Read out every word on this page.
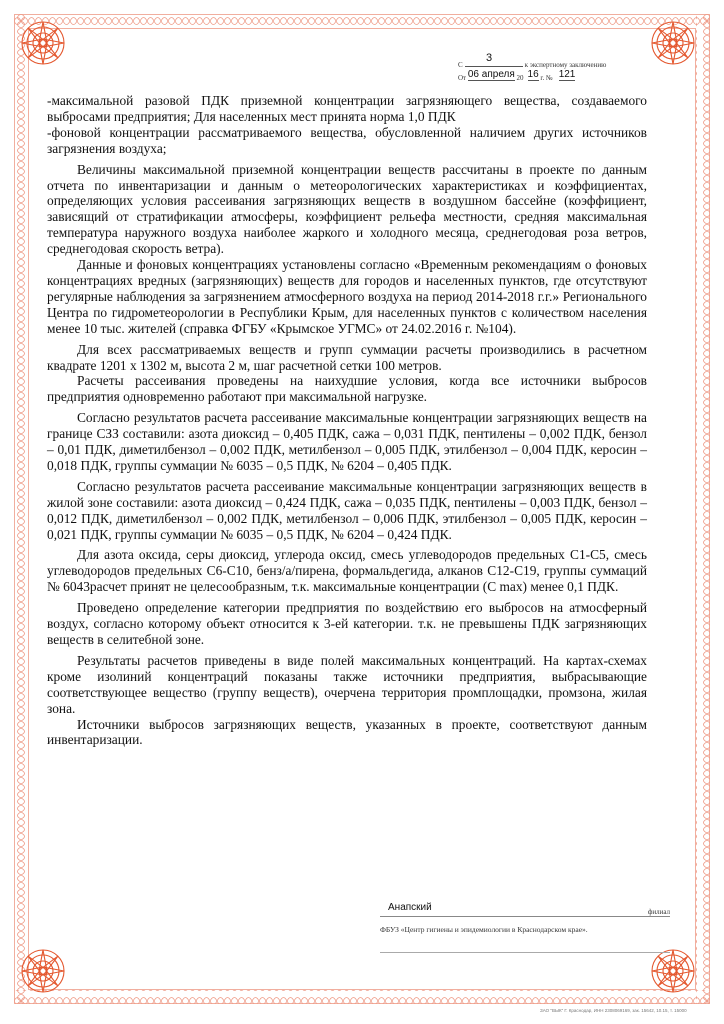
3
С	к экспертному заключению
От 06 апреля 20 16 г. № 121

-максимальной разовой ПДК приземной концентрации загрязняющего вещества, создаваемого выбросами предприятия; Для населенных мест принята норма 1,0 ПДК

-фоновой концентрации рассматриваемого вещества, обусловленной наличием других источников загрязнения воздуха;

Величины максимальной приземной концентрации веществ рассчитаны в проекте по данным отчета по инвентаризации и данным о метеорологических характеристиках и коэффициентах, определяющих условия рассеивания загрязняющих веществ в воздушном бассейне (коэффициент, зависящий от стратификации атмосферы, коэффициент рельефа местности, средняя максимальная температура наружного воздуха наиболее жаркого и холодного месяца, среднегодовая роза ветров, среднегодовая скорость ветра).

Данные и фоновых концентрациях установлены согласно «Временным рекомендациям о фоновых концентрациях вредных (загрязняющих) веществ для городов и населенных пунктов, где отсутствуют регулярные наблюдения за загрязнением атмосферного воздуха на период 2014-2018 г.г.» Регионального Центра по гидрометеорологии в Республики Крым, для населенных пунктов с количеством населения менее 10 тыс. жителей (справка ФГБУ «Крымское УГМС» от 24.02.2016 г. №104).

Для всех рассматриваемых веществ и групп суммации расчеты производились в расчетном квадрате 1201 х 1302 м, высота 2 м, шаг расчетной сетки 100 метров.

Расчеты рассеивания проведены на наихудшие условия, когда все источники выбросов предприятия одновременно работают при максимальной нагрузке.

Согласно результатов расчета рассеивание максимальные концентрации загрязняющих веществ на границе СЗЗ составили: азота диоксид – 0,405 ПДК, сажа – 0,031 ПДК, пентилены – 0,002 ПДК, бензол – 0,01 ПДК, диметилбензол – 0,002 ПДК, метилбензол – 0,005 ПДК, этилбензол – 0,004 ПДК, керосин – 0,018 ПДК, группы суммации № 6035 – 0,5 ПДК, № 6204 – 0,405 ПДК.

Согласно результатов расчета рассеивание максимальные концентрации загрязняющих веществ в жилой зоне составили: азота диоксид – 0,424 ПДК, сажа – 0,035 ПДК, пентилены – 0,003 ПДК, бензол – 0,012 ПДК, диметилбензол – 0,002 ПДК, метилбензол – 0,006 ПДК, этилбензол – 0,005 ПДК, керосин – 0,021 ПДК, группы суммации № 6035 – 0,5 ПДК, № 6204 – 0,424 ПДК.

Для азота оксида, серы диоксид, углерода оксид, смесь углеводородов предельных С1-С5, смесь углеводородов предельных С6-С10, бенз/а/пирена, формальдегида, алканов С12-С19, группы суммаций № 6043расчет принят не целесообразным, т.к. максимальные концентрации (С max) менее 0,1 ПДК.

Проведено определение категории предприятия по воздействию его выбросов на атмосферный воздух, согласно которому объект относится к 3-ей категории. т.к. не превышены ПДК загрязняющих веществ в селитебной зоне.

Результаты расчетов приведены в виде полей максимальных концентраций. На картах-схемах кроме изолиний концентраций показаны также источники предприятия, выбрасывающие соответствующее вещество (группу веществ), очерчена территория промплощадки, промзона, жилая зона.

Источники выбросов загрязняющих веществ, указанных в проекте, соответствуют данным инвентаризации.

Анапский	филиал
ФБУЗ «Центр гигиены и эпидемиологии в Краснодарском крае».
ЗАО "ВЫК" Г. Краснодар, ИНН 2308069169, зак. 15642, 10.15, т. 15000
